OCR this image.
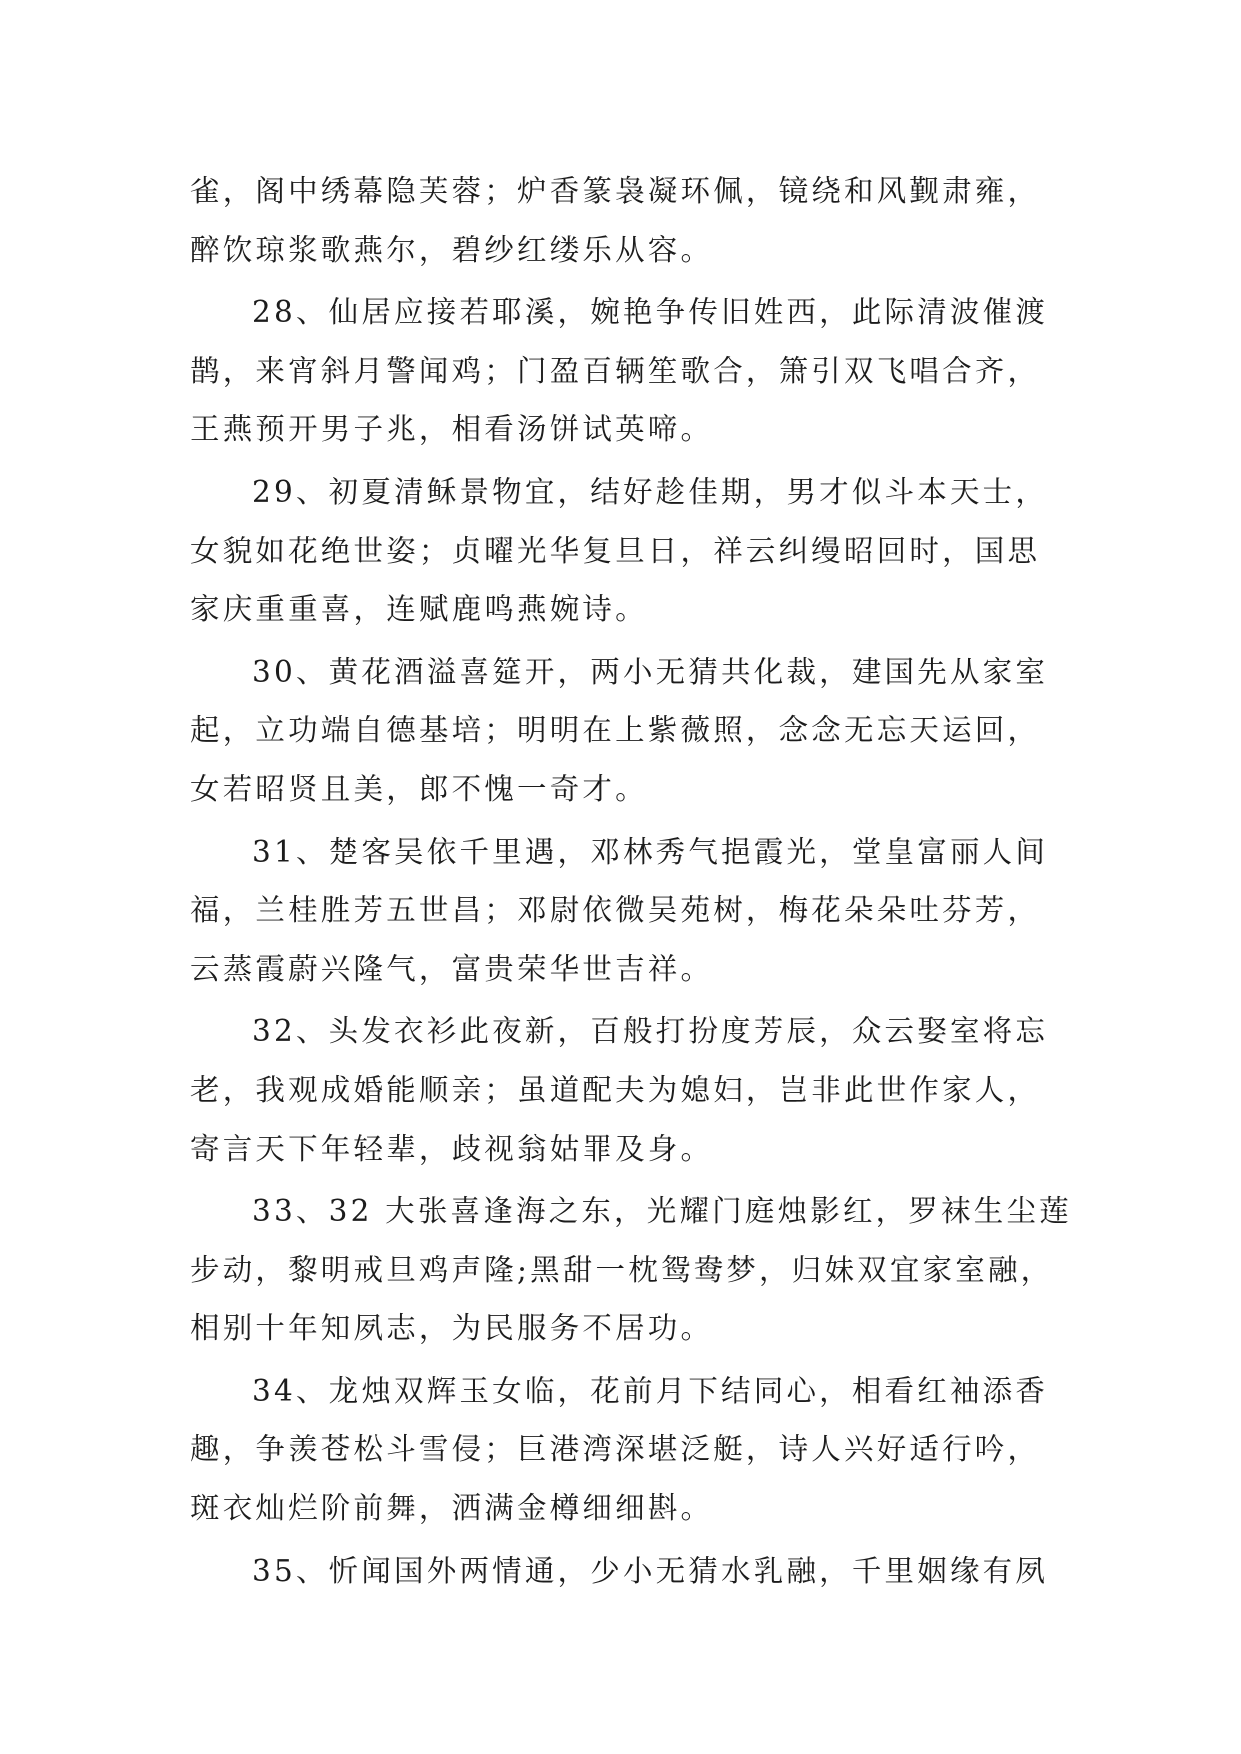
雀，阁中绣幕隐芙蓉；炉香篆袅凝环佩，镜绕和风觐肃雍，
醉饮琼浆歌燕尔，碧纱红缕乐从容。
28、仙居应接若耶溪，婉艳争传旧姓西，此际清波催渡
鹊，来宵斜月警闻鸡；门盈百辆笙歌合，箫引双飞唱合齐，
王燕预开男子兆，相看汤饼试英啼。
29、初夏清稣景物宜，结好趁佳期，男才似斗本天士，
女貌如花绝世姿；贞曜光华复旦日，祥云纠缦昭回时，国思
家庆重重喜，连赋鹿鸣燕婉诗。
30、黄花酒溢喜筵开，两小无猜共化裁，建国先从家室
起，立功端自德基培；明明在上紫薇照，念念无忘天运回，
女若昭贤且美，郎不愧一奇才。
31、楚客吴依千里遇，邓林秀气挹霞光，堂皇富丽人间
福，兰桂胜芳五世昌；邓尉依微吴苑树，梅花朵朵吐芬芳，
云蒸霞蔚兴隆气，富贵荣华世吉祥。
32、头发衣衫此夜新，百般打扮度芳辰，众云娶室将忘
老，我观成婚能顺亲；虽道配夫为媳妇，岂非此世作家人，
寄言天下年轻辈，歧视翁姑罪及身。
33、32 大张喜逢海之东，光耀门庭烛影红，罗袜生尘莲
步动，黎明戒旦鸡声隆;黑甜一枕鸳鸯梦，归妹双宜家室融，
相别十年知夙志，为民服务不居功。
34、龙烛双辉玉女临，花前月下结同心，相看红袖添香
趣，争羡苍松斗雪侵；巨港湾深堪泛艇，诗人兴好适行吟，
斑衣灿烂阶前舞，洒满金樽细细斟。
35、忻闻国外两情通，少小无猜水乳融，千里姻缘有夙
